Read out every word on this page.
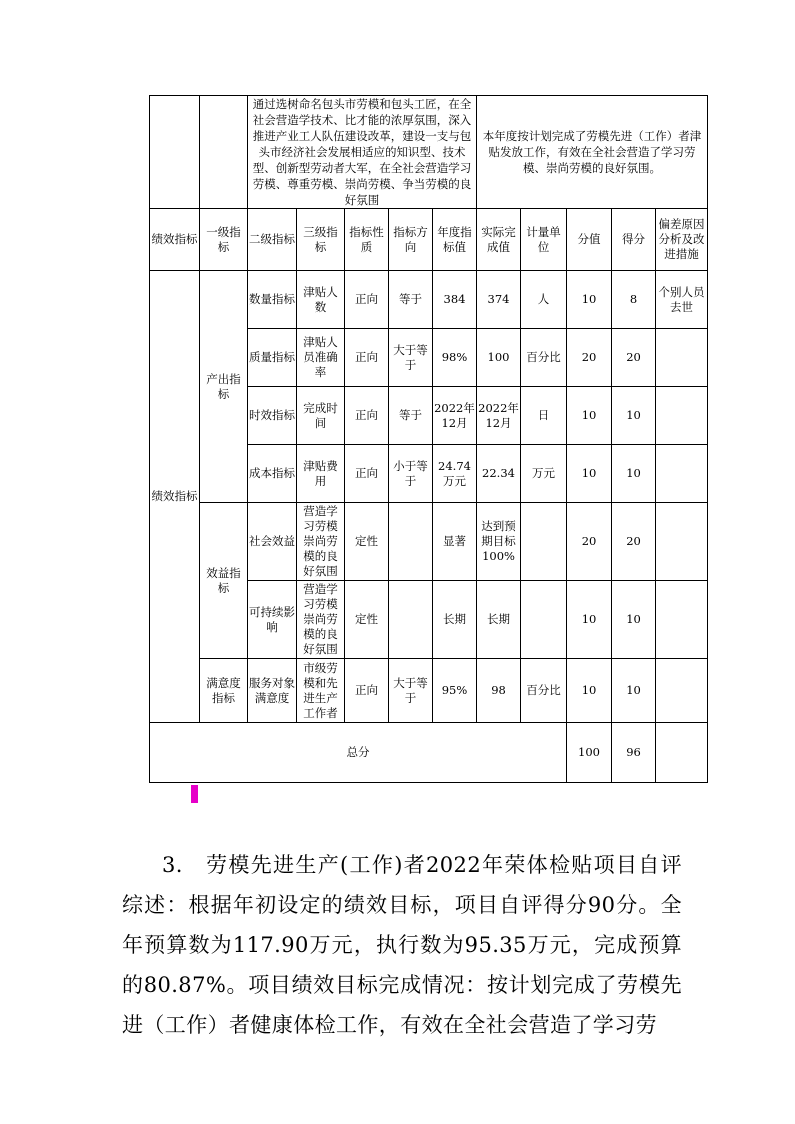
		通过选树命名包头市劳模和包头工匠，在全社会营造学技术、比才能的浓厚氛围，深入推进产业工人队伍建设改革，建设一支与包头市经济社会发展相适应的知识型、技术型、创新型劳动者大军，在全社会营造学习劳模、尊重劳模、崇尚劳模、争当劳模的良好氛围					本年度按计划完成了劳模先进（工作）者津贴发放工作，有效在全社会营造了学习劳模、崇尚劳模的良好氛围。				
绩效指标	一级指标	二级指标	三级指标	指标性质	指标方向	年度指标值	实际完成值	计量单位	分值	得分	偏差原因分析及改进措施
绩效指标	产出指标	数量指标	津贴人数	正向	等于	384	374	人	10	8	个别人员去世
		质量指标	津贴人员准确率	正向	大于等于	98%	100	百分比	20	20	
		时效指标	完成时间	正向	等于	2022年12月	2022年12月	日	10	10	
		成本指标	津贴费用	正向	小于等于	24.74万元	22.34	万元	10	10	
	效益指标	社会效益	营造学习劳模崇尚劳模的良好氛围	定性		显著	达到预期目标100%		20	20	
		可持续影响	营造学习劳模崇尚劳模的良好氛围	定性		长期	长期		10	10	
	满意度指标	服务对象满意度	市级劳模和先进生产工作者	正向	大于等于	95%	98	百分比	10	10	
总分									100	96	

3.　劳模先进生产(工作)者2022年荣体检贴项目自评综述：根据年初设定的绩效目标，项目自评得分90分。全年预算数为117.90万元，执行数为95.35万元，完成预算的80.87%。项目绩效目标完成情况：按计划完成了劳模先进（工作）者健康体检工作，有效在全社会营造了学习劳
